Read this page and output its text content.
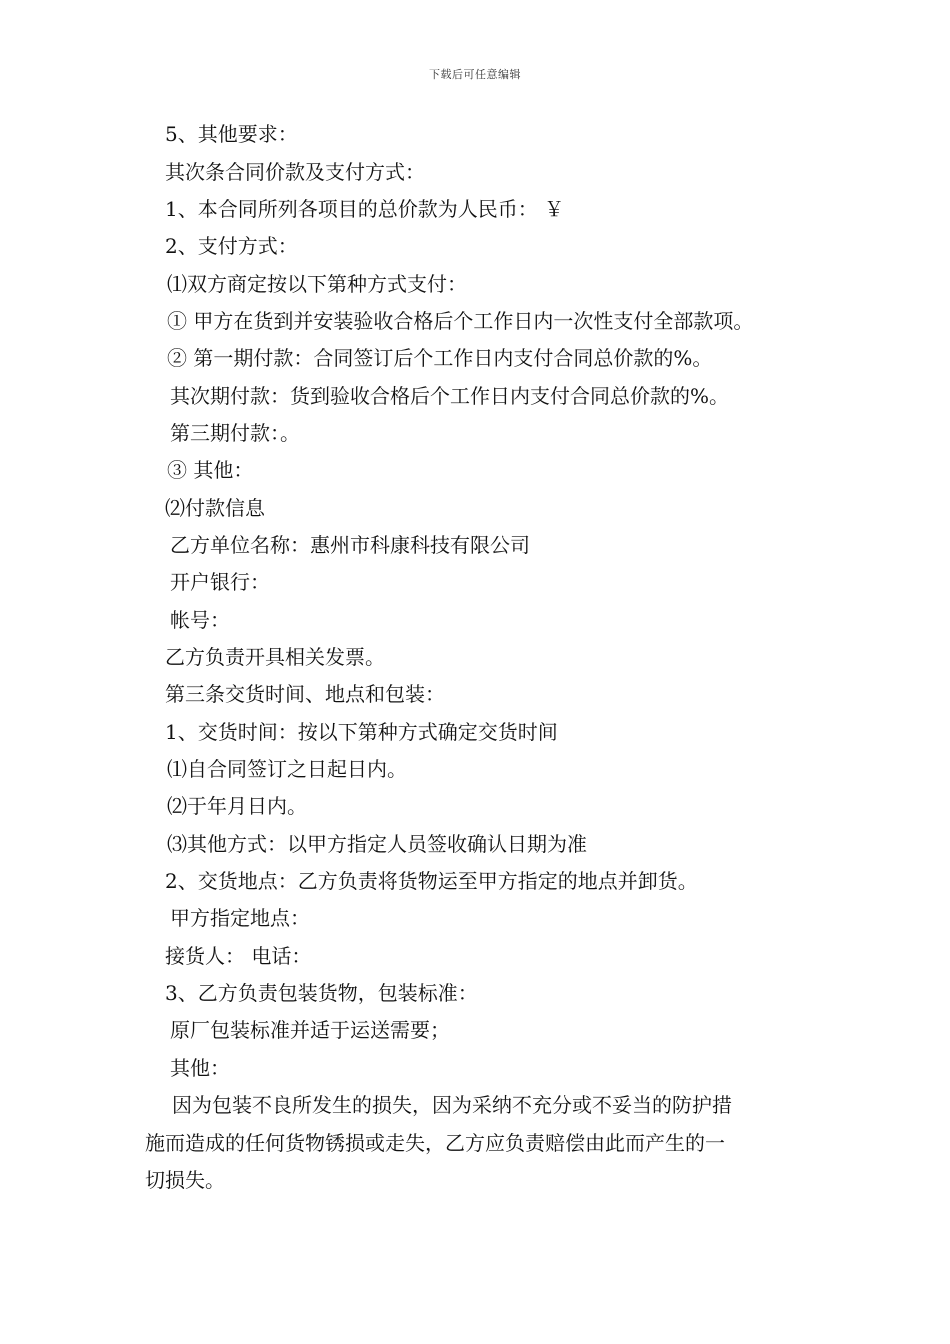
下载后可任意编辑
5、其他要求：
其次条合同价款及支付方式：
1、本合同所列各项目的总价款为人民币： ￥
2、支付方式：
⑴双方商定按以下第种方式支付：
① 甲方在货到并安装验收合格后个工作日内一次性支付全部款项。
② 第一期付款：合同签订后个工作日内支付合同总价款的%。
其次期付款：货到验收合格后个工作日内支付合同总价款的%。
第三期付款：。
③ 其他：
⑵付款信息
乙方单位名称：惠州市科康科技有限公司
开户银行：
帐号：
乙方负责开具相关发票。
第三条交货时间、地点和包装：
1、交货时间：按以下第种方式确定交货时间
⑴自合同签订之日起日内。
⑵于年月日内。
⑶其他方式：以甲方指定人员签收确认日期为准
2、交货地点：乙方负责将货物运至甲方指定的地点并卸货。
甲方指定地点：
接货人： 电话：
3、乙方负责包装货物，包装标准：
原厂包装标准并适于运送需要；
其他：
因为包装不良所发生的损失，因为采纳不充分或不妥当的防护措
施而造成的任何货物锈损或走失，乙方应负责赔偿由此而产生的一
切损失。
